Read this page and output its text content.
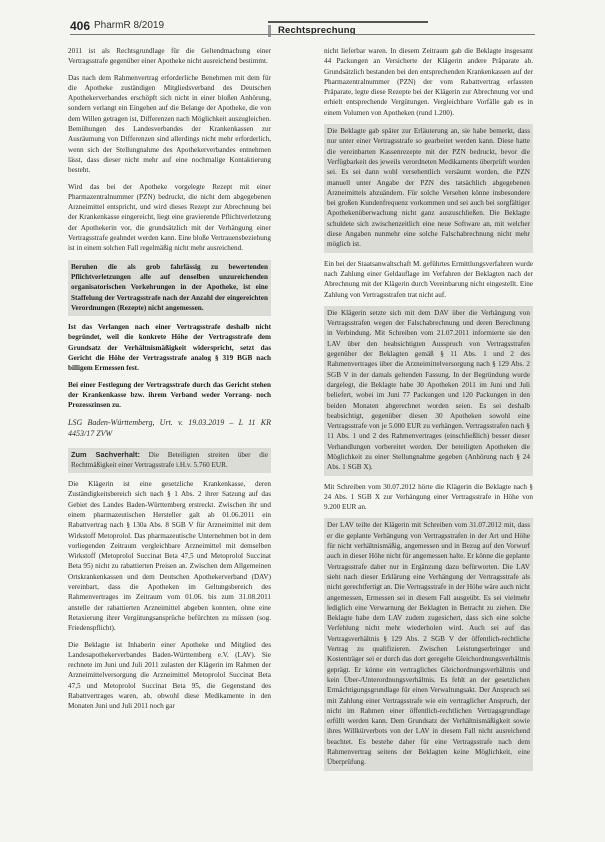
406 PharmR 8/2019	Rechtsprechung

2011 ist als Rechtsgrundlage für die Geltendmachung einer Vertragsstrafe gegenüber einer Apotheke nicht ausreichend bestimmt.

Das nach dem Rahmenvertrag erforderliche Benehmen mit dem für die Apotheke zuständigen Mitgliedsverband des Deutschen Apothekerverbandes erschöpft sich nicht in einer bloßen Anhörung, sondern verlangt ein Eingehen auf die Belange der Apotheke, die von dem Willen getragen ist, Differenzen nach Möglichkeit auszugleichen. Bemühungen des Landesverbandes der Krankenkassen zur Ausräumung von Differenzen sind allerdings nicht mehr erforderlich, wenn sich der Stellungnahme des Apothekerverbandes entnehmen lässt, dass dieser nicht mehr auf eine nochmalige Kontaktierung besteht.

Wird das bei der Apotheke vorgelegte Rezept mit einer Pharmazentralnummer (PZN) bedruckt, die nicht dem abgegebenen Arzneimittel entspricht, und wird dieses Rezept zur Abrechnung bei der Krankenkasse eingereicht, liegt eine gravierende Pflichtverletzung der Apothekerin vor, die grundsätzlich mit der Verhängung einer Vertragsstrafe geahndet werden kann. Eine bloße Vertrauensbeziehung ist in einem solchen Fall regelmäßig nicht mehr ausreichend.

Beruhen die als grob fahrlässig zu bewertenden Pflichtverletzungen alle auf denselben unzureichenden organisatorischen Vorkehrungen in der Apotheke, ist eine Staffelung der Vertragsstrafe nach der Anzahl der eingereichten Verordnungen (Rezepte) nicht angemessen.

Ist das Verlangen nach einer Vertragsstrafe deshalb nicht begründet, weil die konkrete Höhe der Vertragsstrafe dem Grundsatz der Verhältnismäßigkeit widerspricht, setzt das Gericht die Höhe der Vertragsstrafe analog § 319 BGB nach billigem Ermessen fest.

Bei einer Festlegung der Vertragsstrafe durch das Gericht stehen der Krankenkasse bzw. ihrem Verband weder Vorrang- noch Prozesszinsen zu.

LSG Baden-Württemberg, Urt. v. 19.03.2019 – L 11 KR 4453/17 ZVW

Zum Sachverhalt: Die Beteiligten streiten über die Rechtmäßigkeit einer Vertragsstrafe i.H.v. 5.760 EUR.

Die Klägerin ist eine gesetzliche Krankenkasse, deren Zuständigkeitsbereich sich nach § 1 Abs. 2 ihrer Satzung auf das Gebiet des Landes Baden-Württemberg erstreckt. Zwischen ihr und einem pharmazeutischen Hersteller galt ab 01.06.2011 ein Rabattvertrag nach § 130a Abs. 8 SGB V für Arzneimittel mit dem Wirkstoff Metoprolol. Das pharmazeutische Unternehmen bot in dem vorliegenden Zeitraum vergleichbare Arzneimittel mit demselben Wirkstoff (Metoprolol Succinat Beta 47,5 und Metoprolol Succinat Beta 95) nicht zu rabattierten Preisen an. Zwischen dem Allgemeinen Ortskrankenkassen und dem Deutschen Apothekerverband (DAV) vereinbart, dass die Apotheken im Geltungsbereich des Rahmenvertrages im Zeitraum vom 01.06. bis zum 31.08.2011 anstelle der rabattierten Arzneimittel abgeben konnten, ohne eine Retaxierung ihrer Vergütungsansprüche befürchten zu müssen (sog. Friedenspflicht).

Die Beklagte ist Inhaberin einer Apotheke und Mitglied des Landesapothekerverbandes Baden-Württemberg e.V. (LAV). Sie rechnete im Juni und Juli 2011 zulasten der Klägerin im Rahmen der Arzneimittelversorgung die Arzneimittel Metoprolol Succinat Beta 47,5 und Metoprolol Succinat Beta 95, die Gegenstand des Rabattvertrages waren, ab, obwohl diese Medikamente in den Monaten Juni und Juli 2011 noch gar

nicht lieferbar waren. In diesem Zeitraum gab die Beklagte insgesamt 44 Packungen an Versicherte der Klägerin andere Präparate ab. Grundsätzlich bestanden bei den entsprechenden Krankenkassen auf der Pharmazentralnummer (PZN) der vom Rabattvertrag erfassten Präparate, legte diese Rezepte bei der Klägerin zur Abrechnung vor und erhielt entsprechende Vergütungen. Vergleichbare Vorfälle gab es in einem Volumen von Apotheken (rund 1.200).

Die Beklagte gab später zur Erläuterung an, sie habe bemerkt, dass nur unter einer Vertragsstrafe so gearbeitet werden kann. Diese hatte die vereinbarten Kassenrezepte mit der PZN bedruckt, bevor die Verfügbarkeit des jeweils verordneten Medikaments überprüft worden sei. Es sei dann wohl versehentlich versäumt worden, die PZN manuell unter Angabe der PZN des tatsächlich abgegebenen Arzneimittels abzuändern. Für solche Versehen könne insbesondere bei großen Kundenfrequenz vorkommen und sei auch bei sorgfältiger Apothekenüberwachung nicht ganz auszuschließen. Die Beklagte schuldete sich zwischenzeitlich eine neue Software an, mit welcher diese Angaben nunmehr eine solche Falschabrechnung nicht mehr möglich ist.

Ein bei der Staatsanwaltschaft M. geführtes Ermittlungsverfahren wurde nach Zahlung einer Geldauflage im Verfahren der Beklagten nach der Abrechnung mit der Klägerin durch Vereinbarung nicht eingestellt. Eine Zahlung von Vertragsstrafen trat nicht auf.

Die Klägerin setzte sich mit dem DAV über die Verhängung von Vertragsstrafen wegen der Falschabrechnung und deren Berechnung in Verbindung. Mit Schreiben vom 21.07.2011 informierte sie den LAV über den beabsichtigten Ausspruch von Vertragsstrafen gegenüber der Beklagten gemäß § 11 Abs. 1 und 2 des Rahmenvertrages über die Arzneimittelversorgung nach § 129 Abs. 2 SGB V in der damals geltenden Fassung. In der Begründung wurde dargelegt, die Beklagte habe 30 Apotheken 2011 im Juni und Juli beliefert, wobei im Juni 77 Packungen und 120 Packungen in den beiden Monaten abgerechnet worden seien. Es sei deshalb beabsichtigt, gegenüber diesen 30 Apotheken sowohl eine Vertragsstrafe von je 5.000 EUR zu verhängen. Vertragsstrafen nach § 11 Abs. 1 und 2 des Rahmenvertrages (einschließlich) besser dieser Verhandlungen vorbereitet werden. Der beteiligten Apotheken die Möglichkeit zu einer Stellungnahme gegeben (Anhörung nach § 24 Abs. 1 SGB X).

Mit Schreiben vom 30.07.2012 hörte die Klägerin die Beklagte nach § 24 Abs. 1 SGB X zur Verhängung einer Vertragsstrafe in Höhe von 9.200 EUR an.

Der LAV teilte der Klägerin mit Schreiben vom 31.07.2012 mit, dass er die geplante Verhängung von Vertragsstrafen in der Art und Höhe für nicht verhältnismäßig, angemessen und in Bezug auf den Vorwurf auch in dieser Höhe nicht für angemessen halte. Er könne die geplante Vertragsstrafe daher nur in Ergänzung dazu befürworten. Die LAV sieht nach dieser Erklärung eine Verhängung der Vertragsstrafe als nicht gerechtfertigt an. Die Vertragsstrafe in der Höhe wäre auch nicht angemessen, Ermessen sei in diesem Fall ausgeübt. Es sei vielmehr lediglich eine Verwarnung der Beklagten in Betracht zu ziehen. Die Beklagte habe dem LAV zudem zugesichert, dass sich eine solche Verfehlung nicht mehr wiederholen wird. Auch sei auf das Vertragsverhältnis § 129 Abs. 2 SGB V der öffentlich-rechtliche Vertrag zu qualifizieren. Zwischen Leistungserbringer und Kostenträger sei er durch das dort geregelte Gleichordnungsverhältnis geprägt. Er könne ein vertragliches Gleichordnungsverhältnis und kein Über-/Unterordnungsverhältnis. Es fehlt an der gesetzlichen Ermächtigungsgrundlage für einen Verwaltungsakt. Der Anspruch sei mit Zahlung einer Vertragsstrafe wie ein vertraglicher Anspruch, der nicht im Rahmen einer öffentlich-rechtlichen Vertragsgrundlage erfüllt werden kann. Dem Grundsatz der Verhältnismäßigkeit sowie ihres Willkürverbots von der LAV in diesem Fall nicht ausreichend beachtet. Es bestehe daher für eine Vertragsstrafe nach dem Rahmenvertrag seitens der Beklagten keine Möglichkeit, eine Überprüfung.
